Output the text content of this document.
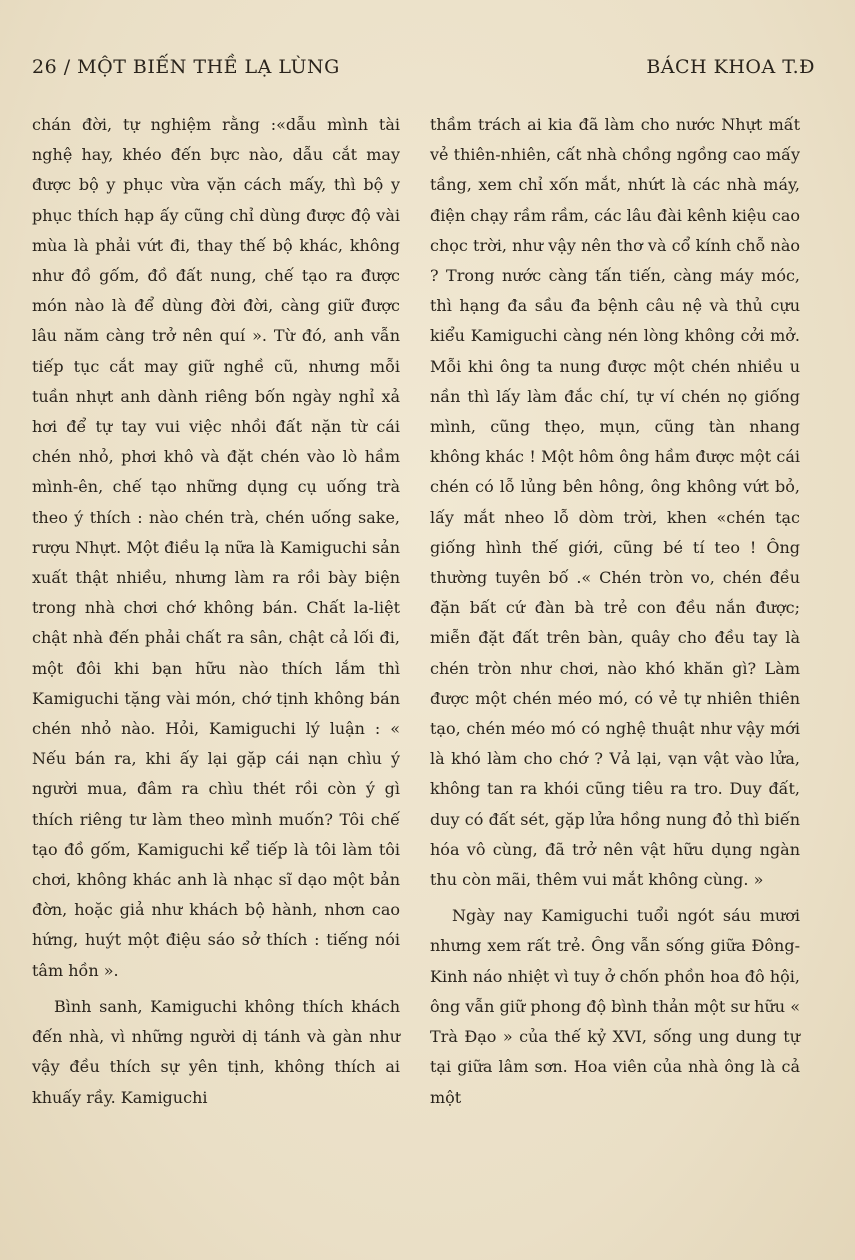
26 / MỘT BIẾN THỀ LẠ LÙNG	BÁCH KHOA T.Đ

chán đời, tự nghiệm rằng :«dẫu mình tài nghệ hay, khéo đến bực nào, dẫu cắt may được bộ y phục vừa vặn cách mấy, thì bộ y phục thích hạp ấy cũng chỉ dùng được độ vài mùa là phải vứt đi, thay thế bộ khác, không như đồ gốm, đồ đất nung, chế tạo ra được món nào là để dùng đời đời, càng giữ được lâu năm càng trở nên quí ». Từ đó, anh vẫn tiếp tục cắt may giữ nghề cũ, nhưng mỗi tuần nhựt anh dành riêng bốn ngày nghỉ xả hơi để tự tay vui việc nhồi đất nặn từ cái chén nhỏ, phơi khô và đặt chén vào lò hầm mình-ên, chế tạo những dụng cụ uống trà theo ý thích : nào chén trà, chén uống sake, rượu Nhựt. Một điều lạ nữa là Kamiguchi sản xuất thật nhiều, nhưng làm ra rồi bày biện trong nhà chơi chớ không bán. Chất la-liệt chật nhà đến phải chất ra sân, chật cả lối đi, một đôi khi bạn hữu nào thích lắm thì Kamiguchi tặng vài món, chớ tịnh không bán chén nhỏ nào. Hỏi, Kamiguchi lý luận : « Nếu bán ra, khi ấy lại gặp cái nạn chìu ý người mua, đâm ra chìu thét rồi còn ý gì thích riêng tư làm theo mình muốn? Tôi chế tạo đồ gốm, Kamiguchi kể tiếp là tôi làm tôi chơi, không khác anh là nhạc sĩ dạo một bản đờn, hoặc giả như khách bộ hành, nhơn cao hứng, huýt một điệu sáo sở thích : tiếng nói tâm hồn ».

Bình sanh, Kamiguchi không thích khách đến nhà, vì những người dị tánh và gàn như vậy đều thích sự yên tịnh, không thích ai khuấy rầy. Kamiguchi

thầm trách ai kia đã làm cho nước Nhựt mất vẻ thiên-nhiên, cất nhà chồng ngồng cao mấy tầng, xem chỉ xốn mắt, nhứt là các nhà máy, điện chạy rầm rầm, các lâu đài kênh kiệu cao chọc trời, như vậy nên thơ và cổ kính chỗ nào ? Trong nước càng tấn tiến, càng máy móc, thì hạng đa sầu đa bệnh câu nệ và thủ cựu kiểu Kamiguchi càng nén lòng không cởi mở. Mỗi khi ông ta nung được một chén nhiều u nần thì lấy làm đắc chí, tự ví chén nọ giống mình, cũng thẹo, mụn, cũng tàn nhang không khác ! Một hôm ông hầm được một cái chén có lỗ lủng bên hông, ông không vứt bỏ, lấy mắt nheo lỗ dòm trời, khen «chén tạc giống hình thế giới, cũng bé tí teo ! Ông thường tuyên bố .« Chén tròn vo, chén đều đặn bất cứ đàn bà trẻ con đều nắn được; miễn đặt đất trên bàn, quây cho đều tay là chén tròn như chơi, nào khó khăn gì? Làm được một chén méo mó, có vẻ tự nhiên thiên tạo, chén méo mó có nghệ thuật như vậy mới là khó làm cho chớ ? Vả lại, vạn vật vào lửa, không tan ra khói cũng tiêu ra tro. Duy đất, duy có đất sét, gặp lửa hồng nung đỏ thì biến hóa vô cùng, đã trở nên vật hữu dụng ngàn thu còn mãi, thêm vui mắt không cùng. »

Ngày nay Kamiguchi tuổi ngót sáu mươi nhưng xem rất trẻ. Ông vẫn sống giữa Đông-Kinh náo nhiệt vì tuy ở chốn phồn hoa đô hội, ông vẫn giữ phong độ bình thản một sư hữu « Trà Đạo » của thế kỷ XVI, sống ung dung tự tại giữa lâm sơn. Hoa viên của nhà ông là cả một
